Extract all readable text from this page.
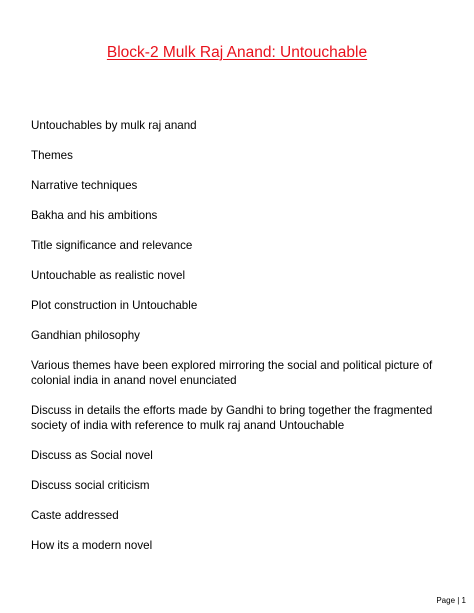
Block-2 Mulk Raj Anand: Untouchable
Untouchables by mulk raj anand
Themes
Narrative techniques
Bakha and his ambitions
Title significance and relevance
Untouchable as realistic novel
Plot construction in Untouchable
Gandhian philosophy
Various themes have been explored mirroring the social and political picture of colonial india in anand novel enunciated
Discuss in details the efforts made by Gandhi to bring together the fragmented society of india with reference to mulk raj anand Untouchable
Discuss as Social novel
Discuss social criticism
Caste addressed
How its a modern novel
Page | 1
